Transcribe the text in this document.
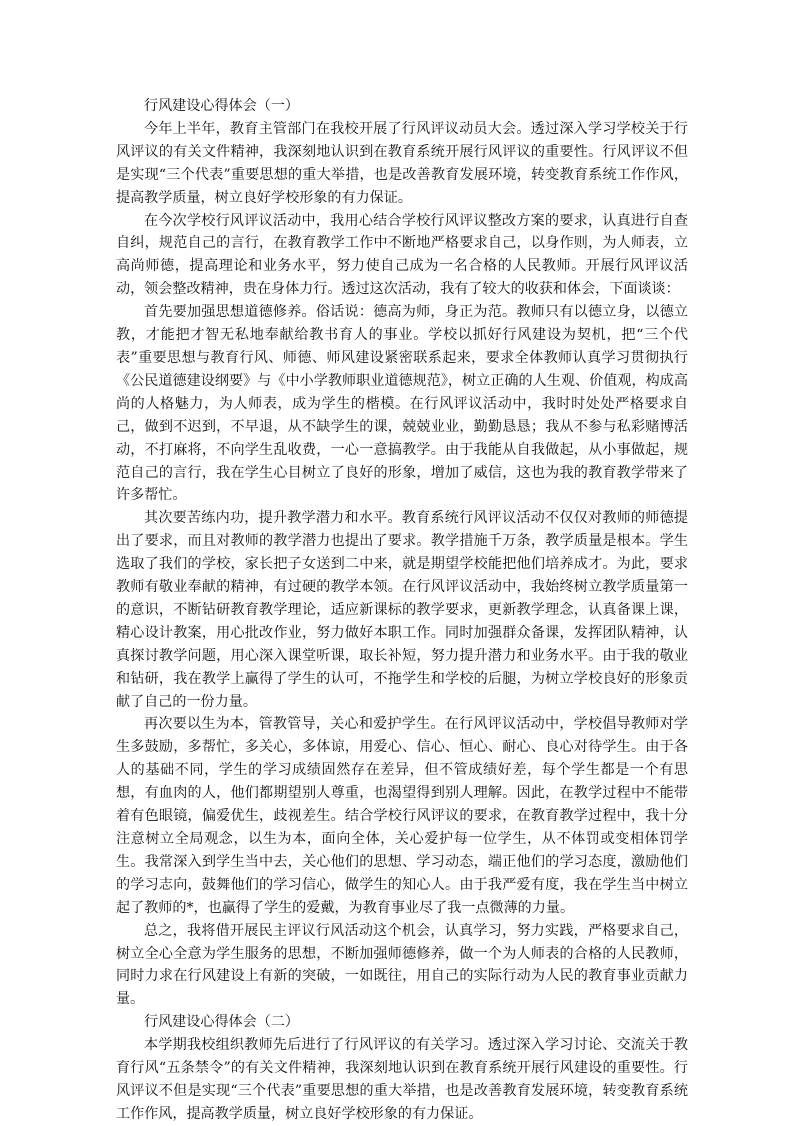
行风建设心得体会（一）

今年上半年，教育主管部门在我校开展了行风评议动员大会。透过深入学习学校关于行风评议的有关文件精神，我深刻地认识到在教育系统开展行风评议的重要性。行风评议不但是实现“三个代表”重要思想的重大举措，也是改善教育发展环境，转变教育系统工作作风，提高教学质量，树立良好学校形象的有力保证。

在今次学校行风评议活动中，我用心结合学校行风评议整改方案的要求，认真进行自查自纠，规范自己的言行，在教育教学工作中不断地严格要求自己，以身作则，为人师表，立高尚师德，提高理论和业务水平，努力使自己成为一名合格的人民教师。开展行风评议活动，领会整改精神，贵在身体力行。透过这次活动，我有了较大的收获和体会，下面谈谈：

首先要加强思想道德修养。俗话说：德高为师，身正为范。教师只有以德立身，以德立教，才能把才智无私地奉献给教书育人的事业。学校以抓好行风建设为契机，把“三个代表”重要思想与教育行风、师德、师风建设紧密联系起来，要求全体教师认真学习贯彻执行《公民道德建设纲要》与《中小学教师职业道德规范》，树立正确的人生观、价值观，构成高尚的人格魅力，为人师表，成为学生的楷模。在行风评议活动中，我时时处处严格要求自己，做到不迟到，不早退，从不缺学生的课，兢兢业业，勤勤恳恳；我从不参与私彩赌博活动，不打麻将，不向学生乱收费，一心一意搞教学。由于我能从自我做起，从小事做起，规范自己的言行，我在学生心目树立了良好的形象，增加了威信，这也为我的教育教学带来了许多帮忙。

其次要苦练内功，提升教学潜力和水平。教育系统行风评议活动不仅仅对教师的师德提出了要求，而且对教师的教学潜力也提出了要求。教学措施千万条，教学质量是根本。学生选取了我们的学校，家长把子女送到二中来，就是期望学校能把他们培养成才。为此，要求教师有敬业奉献的精神，有过硬的教学本领。在行风评议活动中，我始终树立教学质量第一的意识，不断钻研教育教学理论，适应新课标的教学要求，更新教学理念，认真备课上课，精心设计教案，用心批改作业，努力做好本职工作。同时加强群众备课，发挥团队精神，认真探讨教学问题，用心深入课堂听课，取长补短，努力提升潜力和业务水平。由于我的敬业和钻研，我在教学上赢得了学生的认可，不拖学生和学校的后腿，为树立学校良好的形象贡献了自己的一份力量。

再次要以生为本，管教管导，关心和爱护学生。在行风评议活动中，学校倡导教师对学生多鼓励，多帮忙，多关心，多体谅，用爱心、信心、恒心、耐心、良心对待学生。由于各人的基础不同，学生的学习成绩固然存在差异，但不管成绩好差，每个学生都是一个有思想，有血肉的人，他们都期望别人尊重，也渴望得到别人理解。因此，在教学过程中不能带着有色眼镜，偏爱优生，歧视差生。结合学校行风评议的要求，在教育教学过程中，我十分注意树立全局观念，以生为本，面向全体，关心爱护每一位学生，从不体罚或变相体罚学生。我常深入到学生当中去，关心他们的思想、学习动态，端正他们的学习态度，激励他们的学习志向，鼓舞他们的学习信心，做学生的知心人。由于我严爱有度，我在学生当中树立起了教师的*，也赢得了学生的爱戴，为教育事业尽了我一点微薄的力量。

总之，我将借开展民主评议行风活动这个机会，认真学习，努力实践，严格要求自己，树立全心全意为学生服务的思想，不断加强师德修养，做一个为人师表的合格的人民教师，同时力求在行风建设上有新的突破，一如既往，用自己的实际行动为人民的教育事业贡献力量。

行风建设心得体会（二）

本学期我校组织教师先后进行了行风评议的有关学习。透过深入学习讨论、交流关于教育行风“五条禁令”的有关文件精神，我深刻地认识到在教育系统开展行风建设的重要性。行风评议不但是实现“三个代表”重要思想的重大举措，也是改善教育发展环境，转变教育系统工作作风，提高教学质量，树立良好学校形象的有力保证。
